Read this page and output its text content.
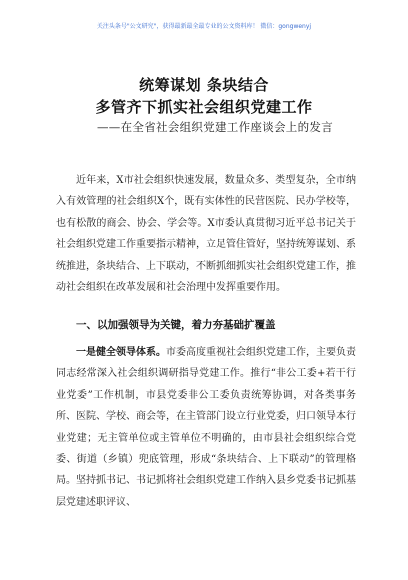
关注头条号"公文研究"，获得最新最全最专业的公文资料库！ 微信：gongwenyj
统筹谋划 条块结合
多管齐下抓实社会组织党建工作
——在全省社会组织党建工作座谈会上的发言

近年来，X市社会组织快速发展，数量众多、类型复杂，全市纳入有效管理的社会组织X个，既有实体性的民营医院、民办学校等，也有松散的商会、协会、学会等。X市委认真贯彻习近平总书记关于社会组织党建工作重要指示精神，立足管住管好，坚持统筹谋划、系统推进，条块结合、上下联动，不断抓细抓实社会组织党建工作，推动社会组织在改革发展和社会治理中发挥重要作用。

一、以加强领导为关键，着力夯基础扩覆盖

一是健全领导体系。市委高度重视社会组织党建工作，主要负责同志经常深入社会组织调研指导党建工作。推行“非公工委+若干行业党委”工作机制，市县党委非公工委负责统筹协调，对各类事务所、医院、学校、商会等，在主管部门设立行业党委，归口领导本行业党建；无主管单位或主管单位不明确的，由市县社会组织综合党委、街道（乡镇）兜底管理，形成“条块结合、上下联动”的管理格局。坚持抓书记、书记抓将社会组织党建工作纳入县乡党委书记抓基层党建述职评议、
